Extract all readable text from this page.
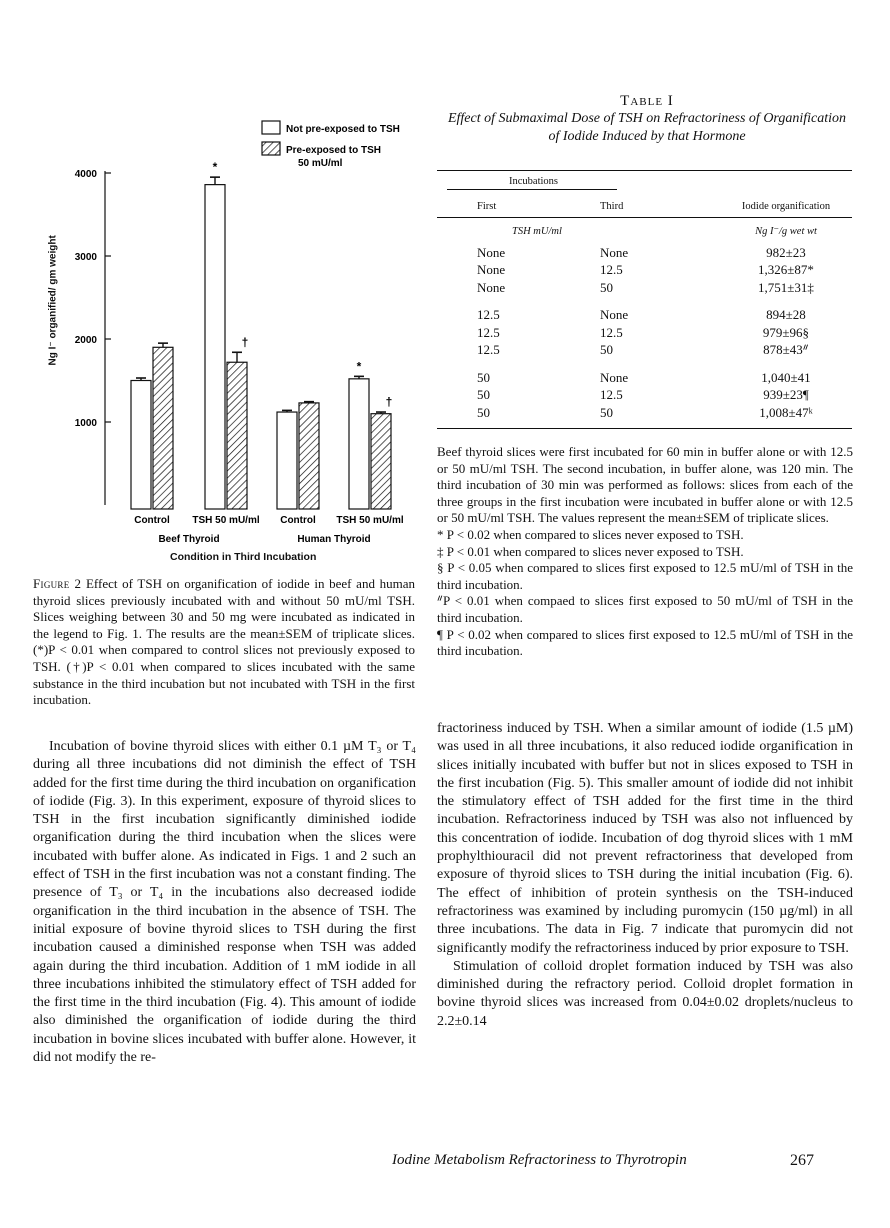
4000
3000
2000
1000
Control TSH 50 mU/ml Control TSH 50 mU/ml
Beef Thyroid	Human Thyroid
*
†
*
†
Not pre-exposed to TSH
Pre-exposed to TSH
50 mU/ml
Ng I⁻ organified/ gm weight
Condition in Third Incubation
Figure 2 Effect of TSH on organification of iodide in beef and human thyroid slices previously incubated with and without 50 mU/ml TSH. Slices weighing between 30 and 50 mg were incubated as indicated in the legend to Fig. 1. The results are the mean±SEM of triplicate slices. (*)P < 0.01 when compared to control slices not previously exposed to TSH. (†)P < 0.01 when compared to slices incubated with the same substance in the third incubation but not incubated with TSH in the first incubation.
Table I
Effect of Submaximal Dose of TSH on Refractoriness of Organification of Iodide Induced by that Hormone
Incubations	

First	Third	Iodide organification
TSH mU/ml		Ng I⁻/g wet wt
None	None	982±23
None	12.5	1,326±87*
None	50	1,751±31‡

12.5	None	894±28
12.5	12.5	979±96§
12.5	50	878±43ᐥ

50	None	1,040±41
50	12.5	939±23¶
50	50	1,008±47ᵏ

Beef thyroid slices were first incubated for 60 min in buffer alone or with 12.5 or 50 mU/ml TSH. The second incubation, in buffer alone, was 120 min. The third incubation of 30 min was performed as follows: slices from each of the three groups in the first incubation were incubated in buffer alone or with 12.5 or 50 mU/ml TSH. The values represent the mean±SEM of triplicate slices.

* P < 0.02 when compared to slices never exposed to TSH.

‡ P < 0.01 when compared to slices never exposed to TSH.

§ P < 0.05 when compared to slices first exposed to 12.5 mU/ml of TSH in the third incubation.

ᐥP < 0.01 when compaed to slices first exposed to 50 mU/ml of TSH in the third incubation.

¶ P < 0.02 when compared to slices first exposed to 12.5 mU/ml of TSH in the third incubation.

Incubation of bovine thyroid slices with either 0.1 µM T₃ or T₄ during all three incubations did not diminish the effect of TSH added for the first time during the third incubation on organification of iodide (Fig. 3). In this experiment, exposure of thyroid slices to TSH in the first incubation significantly diminished iodide organification during the third incubation when the slices were incubated with buffer alone. As indicated in Figs. 1 and 2 such an effect of TSH in the first incubation was not a constant finding. The presence of T₃ or T₄ in the incubations also decreased iodide organification in the third incubation in the absence of TSH. The initial exposure of bovine thyroid slices to TSH during the first incubation caused a diminished response when TSH was added again during the third incubation. Addition of 1 mM iodide in all three incubations inhibited the stimulatory effect of TSH added for the first time in the third incubation (Fig. 4). This amount of iodide also diminished the organification of iodide during the third incubation in bovine slices incubated with buffer alone. However, it did not modify the re-

fractoriness induced by TSH. When a similar amount of iodide (1.5 µM) was used in all three incubations, it also reduced iodide organification in slices initially incubated with buffer but not in slices exposed to TSH in the first incubation (Fig. 5). This smaller amount of iodide did not inhibit the stimulatory effect of TSH added for the first time in the third incubation. Refractoriness induced by TSH was also not influenced by this concentration of iodide. Incubation of dog thyroid slices with 1 mM prophylthiouracil did not prevent refractoriness that developed from exposure of thyroid slices to TSH during the initial incubation (Fig. 6). The effect of inhibition of protein synthesis on the TSH-induced refractoriness was examined by including puromycin (150 µg/ml) in all three incubations. The data in Fig. 7 indicate that puromycin did not significantly modify the refractoriness induced by prior exposure to TSH.

Stimulation of colloid droplet formation induced by TSH was also diminished during the refractory period. Colloid droplet formation in bovine thyroid slices was increased from 0.04±0.02 droplets/nucleus to 2.2±0.14

Iodine Metabolism Refractoriness to Thyrotropin	267
